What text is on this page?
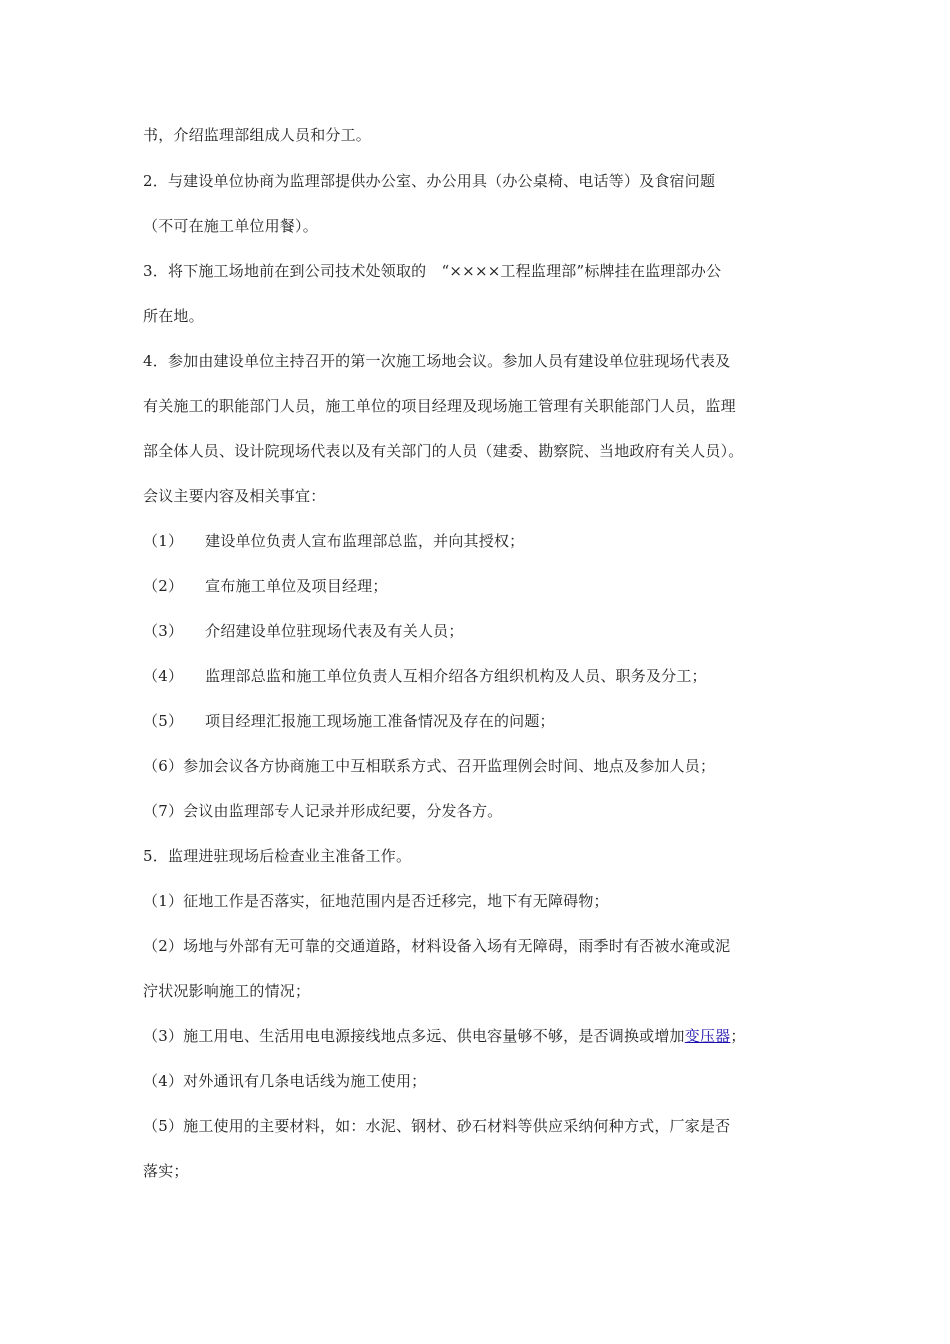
书，介绍监理部组成人员和分工。
2．与建设单位协商为监理部提供办公室、办公用具（办公桌椅、电话等）及食宿问题
（不可在施工单位用餐）。
3．将下施工场地前在到公司技术处领取的　“××××工程监理部”标牌挂在监理部办公
所在地。
4．参加由建设单位主持召开的第一次施工场地会议。参加人员有建设单位驻现场代表及
有关施工的职能部门人员，施工单位的项目经理及现场施工管理有关职能部门人员，监理
部全体人员、设计院现场代表以及有关部门的人员（建委、勘察院、当地政府有关人员）。
会议主要内容及相关事宜：
（1） 建设单位负责人宣布监理部总监，并向其授权；
（2） 宣布施工单位及项目经理；
（3） 介绍建设单位驻现场代表及有关人员；
（4） 监理部总监和施工单位负责人互相介绍各方组织机构及人员、职务及分工；
（5） 项目经理汇报施工现场施工准备情况及存在的问题；
（6）参加会议各方协商施工中互相联系方式、召开监理例会时间、地点及参加人员；
（7）会议由监理部专人记录并形成纪要，分发各方。
5．监理进驻现场后检查业主准备工作。
（1）征地工作是否落实，征地范围内是否迁移完，地下有无障碍物；
（2）场地与外部有无可靠的交通道路，材料设备入场有无障碍，雨季时有否被水淹或泥
泞状况影响施工的情况；
（3）施工用电、生活用电电源接线地点多远、供电容量够不够，是否调换或增加变压器；
（4）对外通讯有几条电话线为施工使用；
（5）施工使用的主要材料，如：水泥、钢材、砂石材料等供应采纳何种方式，厂家是否
落实；
